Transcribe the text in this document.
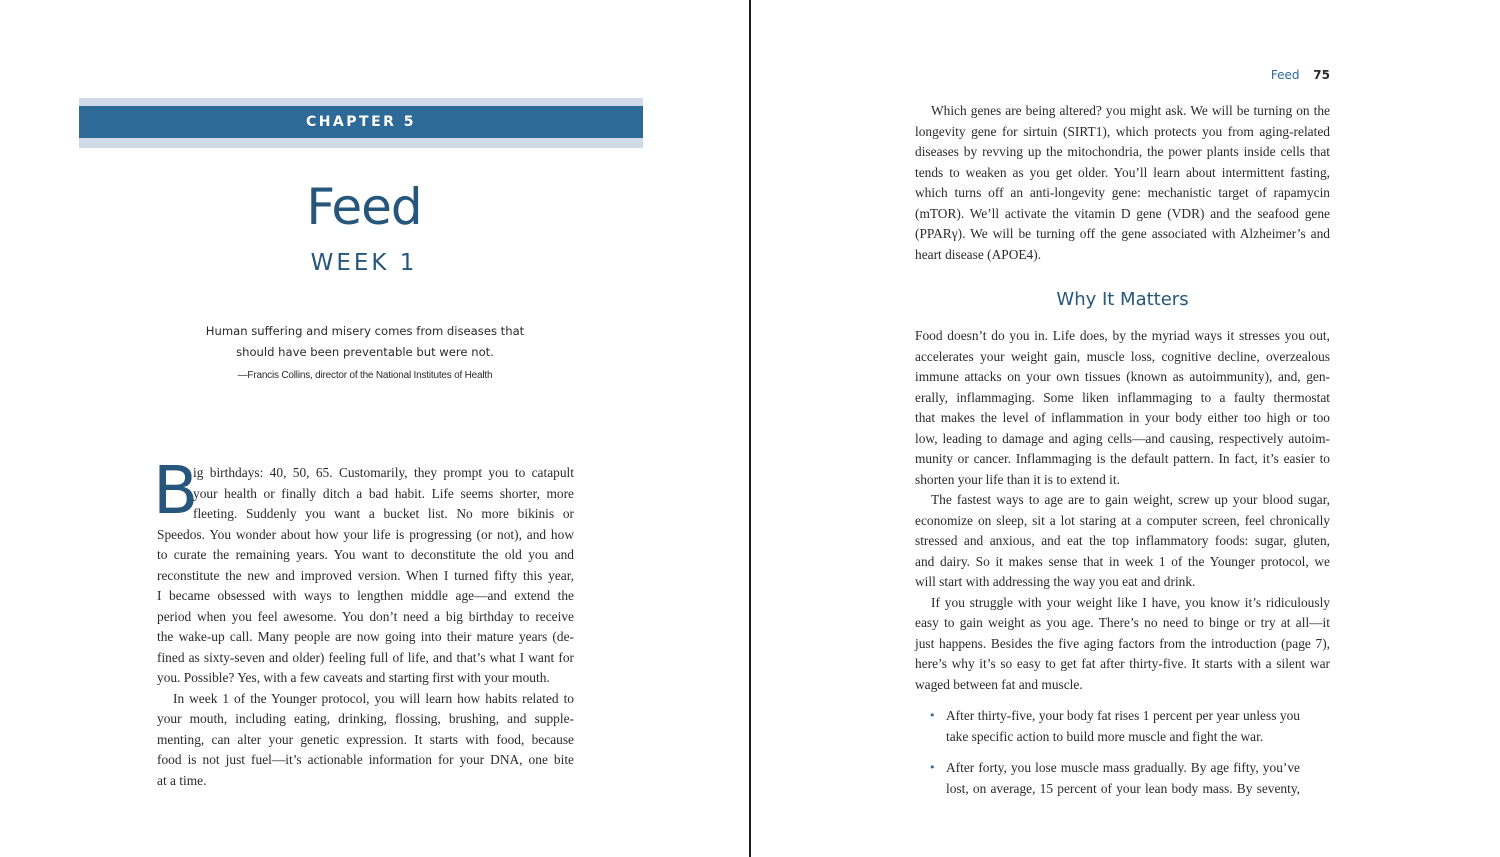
CHAPTER 5
Feed
WEEK 1
Human suffering and misery comes from diseases that
should have been preventable but were not.
—Francis Collins, director of the National Institutes of Health
B
ig birthdays: 40, 50, 65. Customarily, they prompt you to catapult
your health or finally ditch a bad habit. Life seems shorter, more
fleeting. Suddenly you want a bucket list. No more bikinis or
Speedos. You wonder about how your life is progressing (or not), and how
to curate the remaining years. You want to deconstitute the old you and
reconstitute the new and improved version. When I turned fifty this year,
I became obsessed with ways to lengthen middle age—and extend the
period when you feel awesome. You don’t need a big birthday to receive
the wake-up call. Many people are now going into their mature years (de-
fined as sixty-seven and older) feeling full of life, and that’s what I want for
you. Possible? Yes, with a few caveats and starting first with your mouth.
In week 1 of the Younger protocol, you will learn how habits related to
your mouth, including eating, drinking, flossing, brushing, and supple-
menting, can alter your genetic expression. It starts with food, because
food is not just fuel—it’s actionable information for your DNA, one bite
at a time.
Feed 75
Which genes are being altered? you might ask. We will be turning on the
longevity gene for sirtuin (SIRT1), which protects you from aging-related
diseases by revving up the mitochondria, the power plants inside cells that
tends to weaken as you get older. You’ll learn about intermittent fasting,
which turns off an anti-longevity gene: mechanistic target of rapamycin
(mTOR). We’ll activate the vitamin D gene (VDR) and the seafood gene
(PPARγ). We will be turning off the gene associated with Alzheimer’s and
heart disease (APOE4).
Why It Matters
Food doesn’t do you in. Life does, by the myriad ways it stresses you out,
accelerates your weight gain, muscle loss, cognitive decline, overzealous
immune attacks on your own tissues (known as autoimmunity), and, gen-
erally, inflammaging. Some liken inflammaging to a faulty thermostat
that makes the level of inflammation in your body either too high or too
low, leading to damage and aging cells—and causing, respectively autoim-
munity or cancer. Inflammaging is the default pattern. In fact, it’s easier to
shorten your life than it is to extend it.
The fastest ways to age are to gain weight, screw up your blood sugar,
economize on sleep, sit a lot staring at a computer screen, feel chronically
stressed and anxious, and eat the top inflammatory foods: sugar, gluten,
and dairy. So it makes sense that in week 1 of the Younger protocol, we
will start with addressing the way you eat and drink.
If you struggle with your weight like I have, you know it’s ridiculously
easy to gain weight as you age. There’s no need to binge or try at all—it
just happens. Besides the five aging factors from the introduction (page 7),
here’s why it’s so easy to get fat after thirty-five. It starts with a silent war
waged between fat and muscle.
• After thirty-five, your body fat rises 1 percent per year unless you
take specific action to build more muscle and fight the war.
• After forty, you lose muscle mass gradually. By age fifty, you’ve
lost, on average, 15 percent of your lean body mass. By seventy,
